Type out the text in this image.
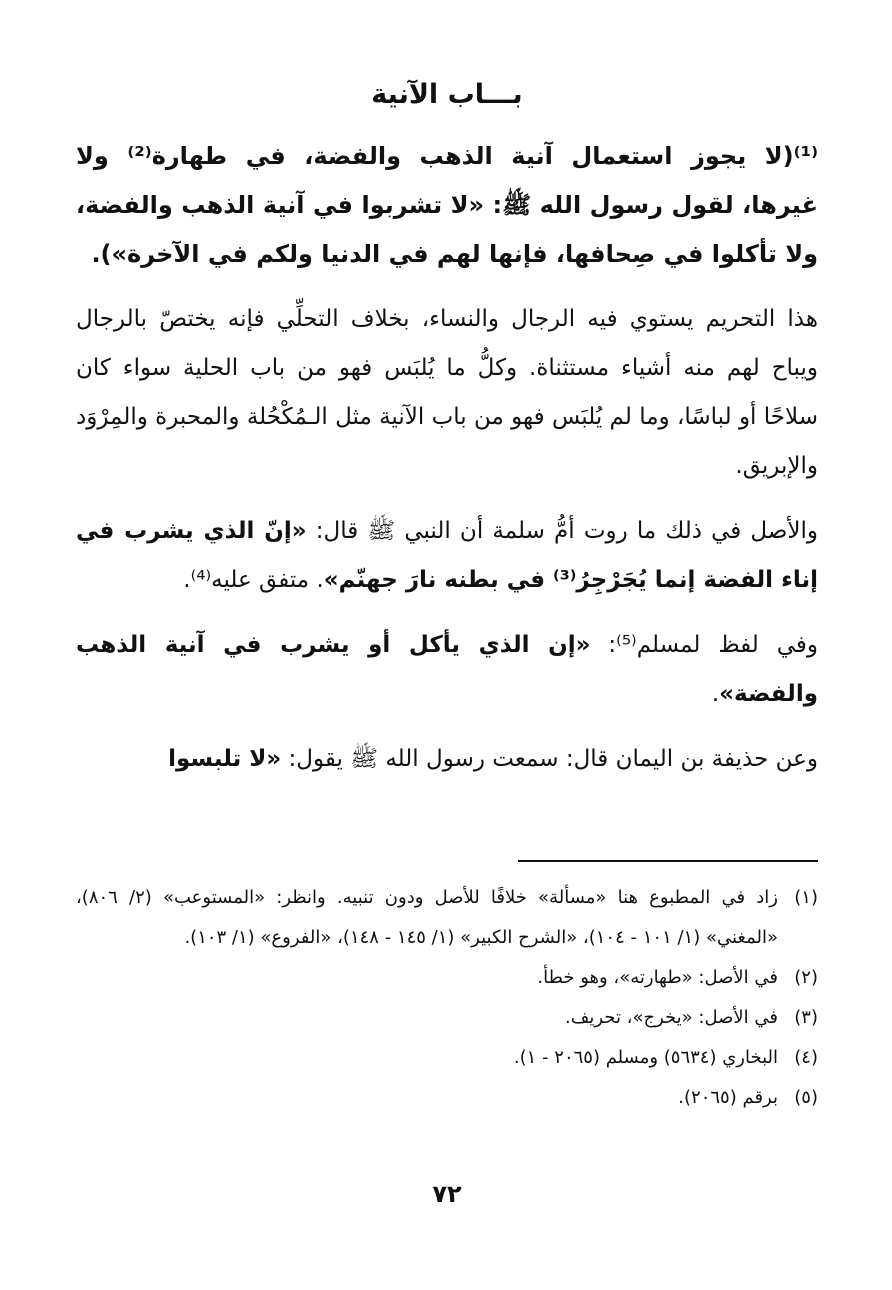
بـــاب الآنية

⁽¹⁾(لا يجوز استعمال آنية الذهب والفضة، في طهارة⁽²⁾ ولا غيرها، لقول رسول الله ﷺ: «لا تشربوا في آنية الذهب والفضة، ولا تأكلوا في صِحافها، فإنها لهم في الدنيا ولكم في الآخرة»).

هذا التحريم يستوي فيه الرجال والنساء، بخلاف التحلِّي فإنه يختصّ بالرجال ويباح لهم منه أشياء مستثناة. وكلُّ ما يُلبَس فهو من باب الحلية سواء كان سلاحًا أو لباسًا، وما لم يُلبَس فهو من باب الآنية مثل الـمُكْحُلة والمحبرة والمِرْوَد والإبريق.

والأصل في ذلك ما روت أمُّ سلمة أن النبي ﷺ قال: «إنّ الذي يشرب في إناء الفضة إنما يُجَرْجِرُ⁽³⁾ في بطنه نارَ جهنّم». متفق عليه⁽⁴⁾.

وفي لفظ لمسلم⁽⁵⁾: «إن الذي يأكل أو يشرب في آنية الذهب والفضة».

وعن حذيفة بن اليمان قال: سمعت رسول الله ﷺ يقول: «لا تلبسوا

(١)
زاد في المطبوع هنا «مسألة» خلافًا للأصل ودون تنبيه. وانظر: «المستوعب» (٢/ ٨٠٦)، «المغني» (١/ ١٠١ - ١٠٤)، «الشرح الكبير» (١/ ١٤٥ - ١٤٨)، «الفروع» (١/ ١٠٣).
(٢)
في الأصل: «طهارته»، وهو خطأ.
(٣)
في الأصل: «يخرج»، تحريف.
(٤)
البخاري (٥٦٣٤) ومسلم (٢٠٦٥ - ١).
(٥)
برقم (٢٠٦٥).
٧٢
